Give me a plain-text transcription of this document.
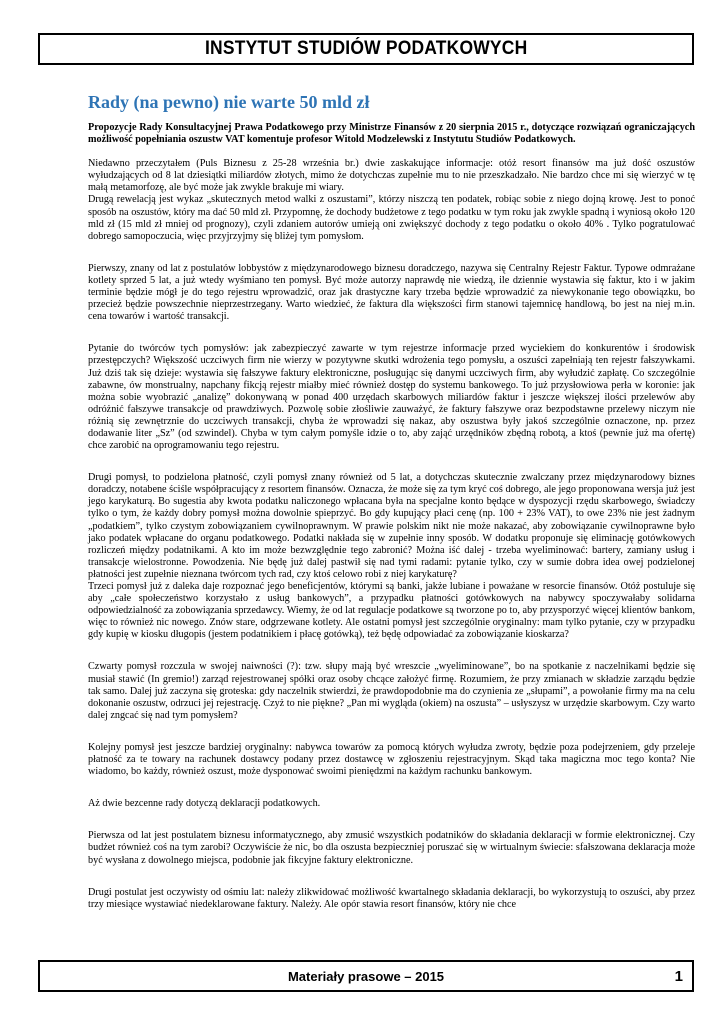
INSTYTUT STUDIÓW PODATKOWYCH
Rady (na pewno) nie warte 50 mld zł

Propozycje Rady Konsultacyjnej Prawa Podatkowego przy Ministrze Finansów z 20 sierpnia 2015 r., dotyczące rozwiązań ograniczających możliwość popełniania oszustw VAT komentuje profesor Witold Modzelewski z Instytutu Studiów Podatkowych.

Niedawno przeczytałem (Puls Biznesu z 25-28 września br.) dwie zaskakujące informacje: otóż resort finansów ma już dość oszustów wyłudzających od 8 lat dziesiątki miliardów złotych, mimo że dotychczas zupełnie mu to nie przeszkadzało. Nie bardzo chce mi się wierzyć w tę małą metamorfozę, ale być może jak zwykle brakuje mi wiary.

Drugą rewelacją jest wykaz „skutecznych metod walki z oszustami”, którzy niszczą ten podatek, robiąc sobie z niego dojną krowę. Jest to ponoć sposób na oszustów, który ma dać 50 mld zł. Przypomnę, że dochody budżetowe z tego podatku w tym roku jak zwykle spadną i wyniosą około 120 mld zł (15 mld zł mniej od prognozy), czyli zdaniem autorów umieją oni zwiększyć dochody z tego podatku o około 40% . Tylko pogratulować dobrego samopoczucia, więc przyjrzyjmy się bliżej tym pomysłom.

Pierwszy, znany od lat z postulatów lobbystów z międzynarodowego biznesu doradczego, nazywa się Centralny Rejestr Faktur. Typowe odmrażane kotlety sprzed 5 lat, a już wtedy wyśmiano ten pomysł. Być może autorzy naprawdę nie wiedzą, ile dziennie wystawia się faktur, kto i w jakim terminie będzie mógł je do tego rejestru wprowadzić, oraz jak drastyczne kary trzeba będzie wprowadzić za niewykonanie tego obowiązku, bo przecież będzie powszechnie nieprzestrzegany. Warto wiedzieć, że faktura dla większości firm stanowi tajemnicę handlową, bo jest na niej m.in. cena towarów i wartość transakcji.

Pytanie do twórców tych pomysłów: jak zabezpieczyć zawarte w tym rejestrze informacje przed wyciekiem do konkurentów i środowisk przestępczych? Większość uczciwych firm nie wierzy w pozytywne skutki wdrożenia tego pomysłu, a oszuści zapełniają ten rejestr fałszywkami. Już dziś tak się dzieje: wystawia się fałszywe faktury elektroniczne, posługując się danymi uczciwych firm, aby wyłudzić zapłatę. Co szczególnie zabawne, ów monstrualny, napchany fikcją rejestr miałby mieć również dostęp do systemu bankowego. To już przysłowiowa perła w koronie: jak można sobie wyobrazić „analizę” dokonywaną w ponad 400 urzędach skarbowych miliardów faktur i jeszcze większej ilości przelewów aby odróżnić fałszywe transakcje od prawdziwych. Pozwolę sobie złośliwie zauważyć, że faktury fałszywe oraz bezpodstawne przelewy niczym nie różnią się zewnętrznie do uczciwych transakcji, chyba że wprowadzi się nakaz, aby oszustwa były jakoś szczególnie oznaczone, np. przez dodawanie liter „Sz” (od szwindel). Chyba w tym całym pomyśle idzie o to, aby zająć urzędników zbędną robotą, a ktoś (pewnie już ma ofertę) chce zarobić na oprogramowaniu tego rejestru.

Drugi pomysł, to podzielona płatność, czyli pomysł znany również od 5 lat, a dotychczas skutecznie zwalczany przez międzynarodowy biznes doradczy, notabene ściśle współpracujący z resortem finansów. Oznacza, że może się za tym kryć coś dobrego, ale jego proponowana wersja już jest jego karykaturą. Bo sugestia aby kwota podatku naliczonego wpłacana była na specjalne konto będące w dyspozycji rzędu skarbowego, świadczy tylko o tym, że każdy dobry pomysł można dowolnie spieprzyć. Bo gdy kupujący płaci cenę (np. 100 + 23% VAT), to owe 23% nie jest żadnym „podatkiem”, tylko czystym zobowiązaniem cywilnoprawnym. W prawie polskim nikt nie może nakazać, aby zobowiązanie cywilnoprawne było jako podatek wpłacane do organu podatkowego. Podatki nakłada się w zupełnie inny sposób. W dodatku proponuje się eliminację gotówkowych rozliczeń między podatnikami. A kto im może bezwzględnie tego zabronić? Można iść dalej - trzeba wyeliminować: bartery, zamiany usług i transakcje wielostronne. Powodzenia. Nie będę już dalej pastwił się nad tymi radami: pytanie tylko, czy w sumie dobra idea owej podzielonej płatności jest zupełnie nieznana twórcom tych rad, czy ktoś celowo robi z niej karykaturę?

Trzeci pomysł już z daleka daje rozpoznać jego beneficjentów, którymi są banki, jakże lubiane i poważane w resorcie finansów. Otóż postuluje się aby „całe społeczeństwo korzystało z usług bankowych”, a przypadku płatności gotówkowych na nabywcy spoczywałaby solidarna odpowiedzialność za zobowiązania sprzedawcy. Wiemy, że od lat regulacje podatkowe są tworzone po to, aby przysporzyć więcej klientów bankom, więc to również nic nowego. Znów stare, odgrzewane kotlety. Ale ostatni pomysł jest szczególnie oryginalny: mam tylko pytanie, czy w przypadku gdy kupię w kiosku długopis (jestem podatnikiem i płacę gotówką), też będę odpowiadać za zobowiązanie kioskarza?

Czwarty pomysł rozczula w swojej naiwności (?): tzw. słupy mają być wreszcie „wyeliminowane”, bo na spotkanie z naczelnikami będzie się musiał stawić (In gremio!) zarząd rejestrowanej spółki oraz osoby chcące założyć firmę. Rozumiem, że przy zmianach w składzie zarządu będzie tak samo. Dalej już zaczyna się groteska: gdy naczelnik stwierdzi, że prawdopodobnie ma do czynienia ze „słupami”, a powołanie firmy ma na celu dokonanie oszustw, odrzuci jej rejestrację. Czyż to nie piękne? „Pan mi wygląda (okiem) na oszusta” – usłyszysz w urzędzie skarbowym. Czy warto dalej zngcać się nad tym pomysłem?

Kolejny pomysł jest jeszcze bardziej oryginalny: nabywca towarów za pomocą których wyłudza zwroty, będzie poza podejrzeniem, gdy przeleje płatność za te towary na rachunek dostawcy podany przez dostawcę w zgłoszeniu rejestracyjnym. Skąd taka magiczna moc tego konta? Nie wiadomo, bo każdy, również oszust, może dysponować swoimi pieniędzmi na każdym rachunku bankowym.

Aż dwie bezcenne rady dotyczą deklaracji podatkowych.

Pierwsza od lat jest postulatem biznesu informatycznego, aby zmusić wszystkich podatników do składania deklaracji w formie elektronicznej. Czy budżet również coś na tym zarobi? Oczywiście że nic, bo dla oszusta bezpieczniej poruszać się w wirtualnym świecie: sfałszowana deklaracja może być wysłana z dowolnego miejsca, podobnie jak fikcyjne faktury elektroniczne.

Drugi postulat jest oczywisty od ośmiu lat: należy zlikwidować możliwość kwartalnego składania deklaracji, bo wykorzystują to oszuści, aby przez trzy miesiące wystawiać niedeklarowane faktury. Należy. Ale opór stawia resort finansów, który nie chce

Materiały prasowe – 2015	1
